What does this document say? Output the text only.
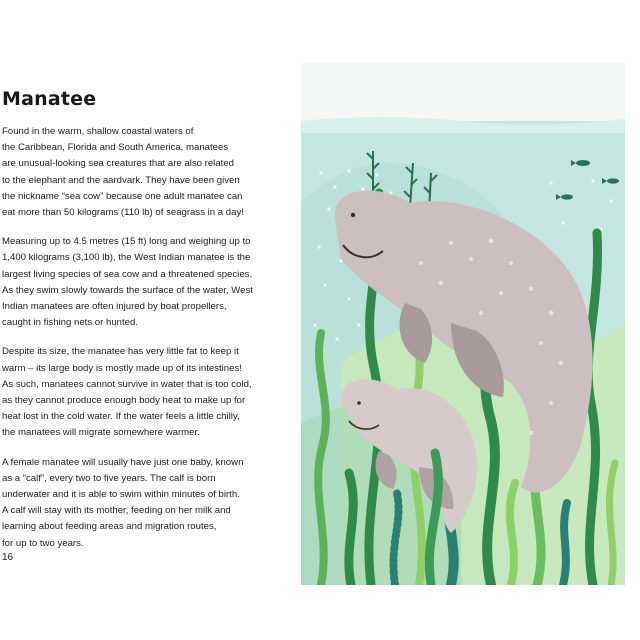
Manatee

Found in the warm, shallow coastal waters of
the Caribbean, Florida and South America, manatees
are unusual-looking sea creatures that are also related
to the elephant and the aardvark. They have been given
the nickname “sea cow” because one adult manatee can
eat more than 50 kilograms (110 lb) of seagrass in a day!

Measuring up to 4.5 metres (15 ft) long and weighing up to
1,400 kilograms (3,100 lb), the West Indian manatee is the
largest living species of sea cow and a threatened species.
As they swim slowly towards the surface of the water, West
Indian manatees are often injured by boat propellers,
caught in fishing nets or hunted.

Despite its size, the manatee has very little fat to keep it
warm – its large body is mostly made up of its intestines!
As such, manatees cannot survive in water that is too cold,
as they cannot produce enough body heat to make up for
heat lost in the cold water. If the water feels a little chilly,
the manatees will migrate somewhere warmer.

A female manatee will usually have just one baby, known
as a “calf”, every two to five years. The calf is born
underwater and it is able to swim within minutes of birth.
A calf will stay with its mother, feeding on her milk and
learning about feeding areas and migration routes,
for up to two years.

16
